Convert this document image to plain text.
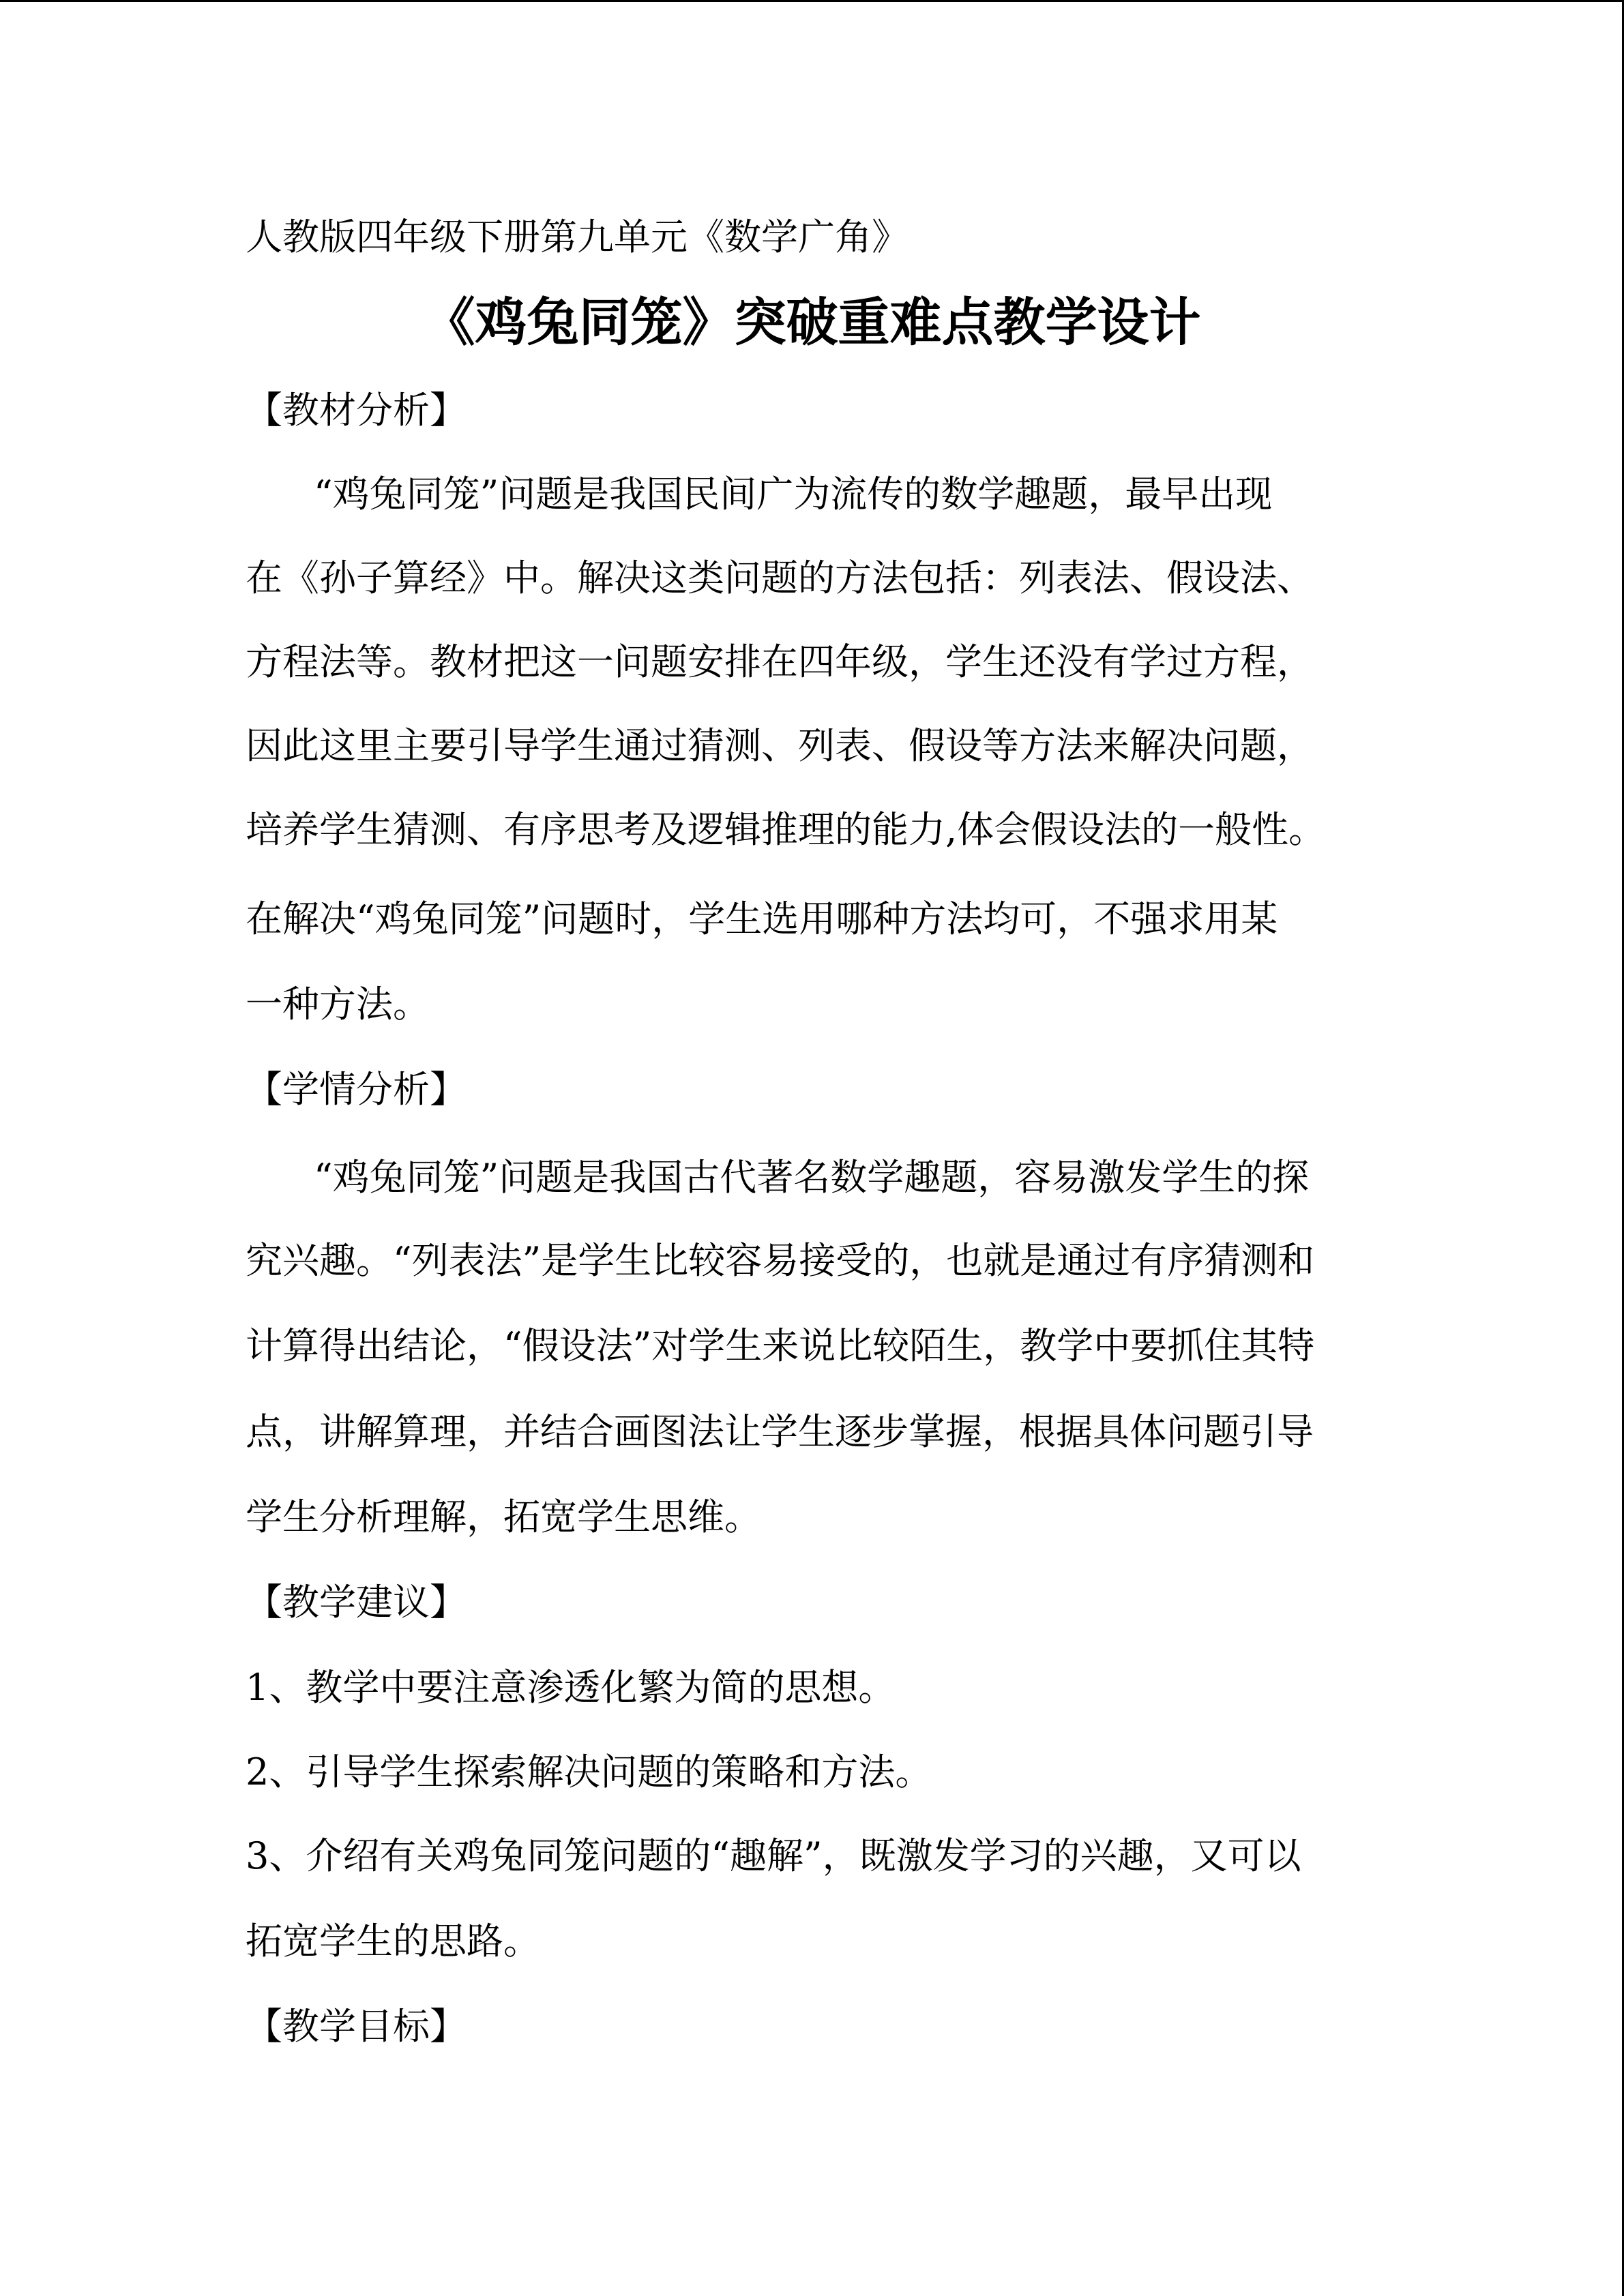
人教版四年级下册第九单元《数学广角》

《鸡兔同笼》突破重难点教学设计

【教材分析】

“鸡兔同笼”问题是我国民间广为流传的数学趣题，最早出现

在《孙子算经》中。解决这类问题的方法包括：列表法、假设法、

方程法等。教材把这一问题安排在四年级，学生还没有学过方程，

因此这里主要引导学生通过猜测、列表、假设等方法来解决问题，

培养学生猜测、有序思考及逻辑推理的能力,体会假设法的一般性。

在解决“鸡兔同笼”问题时，学生选用哪种方法均可，不强求用某

一种方法。

【学情分析】

“鸡兔同笼”问题是我国古代著名数学趣题，容易激发学生的探

究兴趣。“列表法”是学生比较容易接受的，也就是通过有序猜测和

计算得出结论，“假设法”对学生来说比较陌生，教学中要抓住其特

点，讲解算理，并结合画图法让学生逐步掌握，根据具体问题引导

学生分析理解，拓宽学生思维。

【教学建议】

1、教学中要注意渗透化繁为简的思想。

2、引导学生探索解决问题的策略和方法。

3、介绍有关鸡兔同笼问题的“趣解”，既激发学习的兴趣，又可以

拓宽学生的思路。

【教学目标】
